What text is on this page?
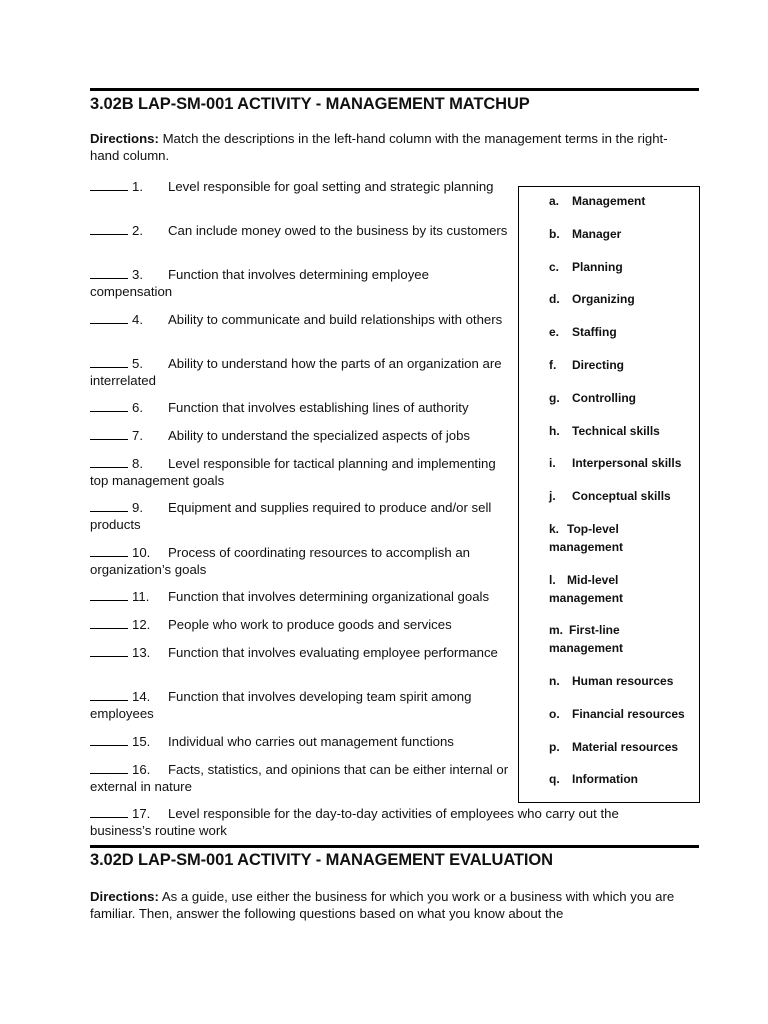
3.02B LAP-SM-001 ACTIVITY - MANAGEMENT MATCHUP
Directions: Match the descriptions in the left-hand column with the management terms in the right-hand column.
1. Level responsible for goal setting and strategic planning
2. Can include money owed to the business by its customers
3. Function that involves determining employee compensation
4. Ability to communicate and build relationships with others
5. Ability to understand how the parts of an organization are interrelated
6. Function that involves establishing lines of authority
7. Ability to understand the specialized aspects of jobs
8. Level responsible for tactical planning and implementing top management goals
9. Equipment and supplies required to produce and/or sell products
10. Process of coordinating resources to accomplish an organization’s goals
11. Function that involves determining organizational goals
12. People who work to produce goods and services
13. Function that involves evaluating employee performance
14. Function that involves developing team spirit among employees
15. Individual who carries out management functions
16. Facts, statistics, and opinions that can be either internal or external in nature
17. Level responsible for the day-to-day activities of employees who carry out the business’s routine work
a. Management
b. Manager
c. Planning
d. Organizing
e. Staffing
f. Directing
g. Controlling
h. Technical skills
i. Interpersonal skills
j. Conceptual skills
k. Top-level management
l. Mid-level management
m. First-line management
n. Human resources
o. Financial resources
p. Material resources
q. Information
3.02D LAP-SM-001 ACTIVITY - MANAGEMENT EVALUATION
Directions: As a guide, use either the business for which you work or a business with which you are familiar. Then, answer the following questions based on what you know about the
